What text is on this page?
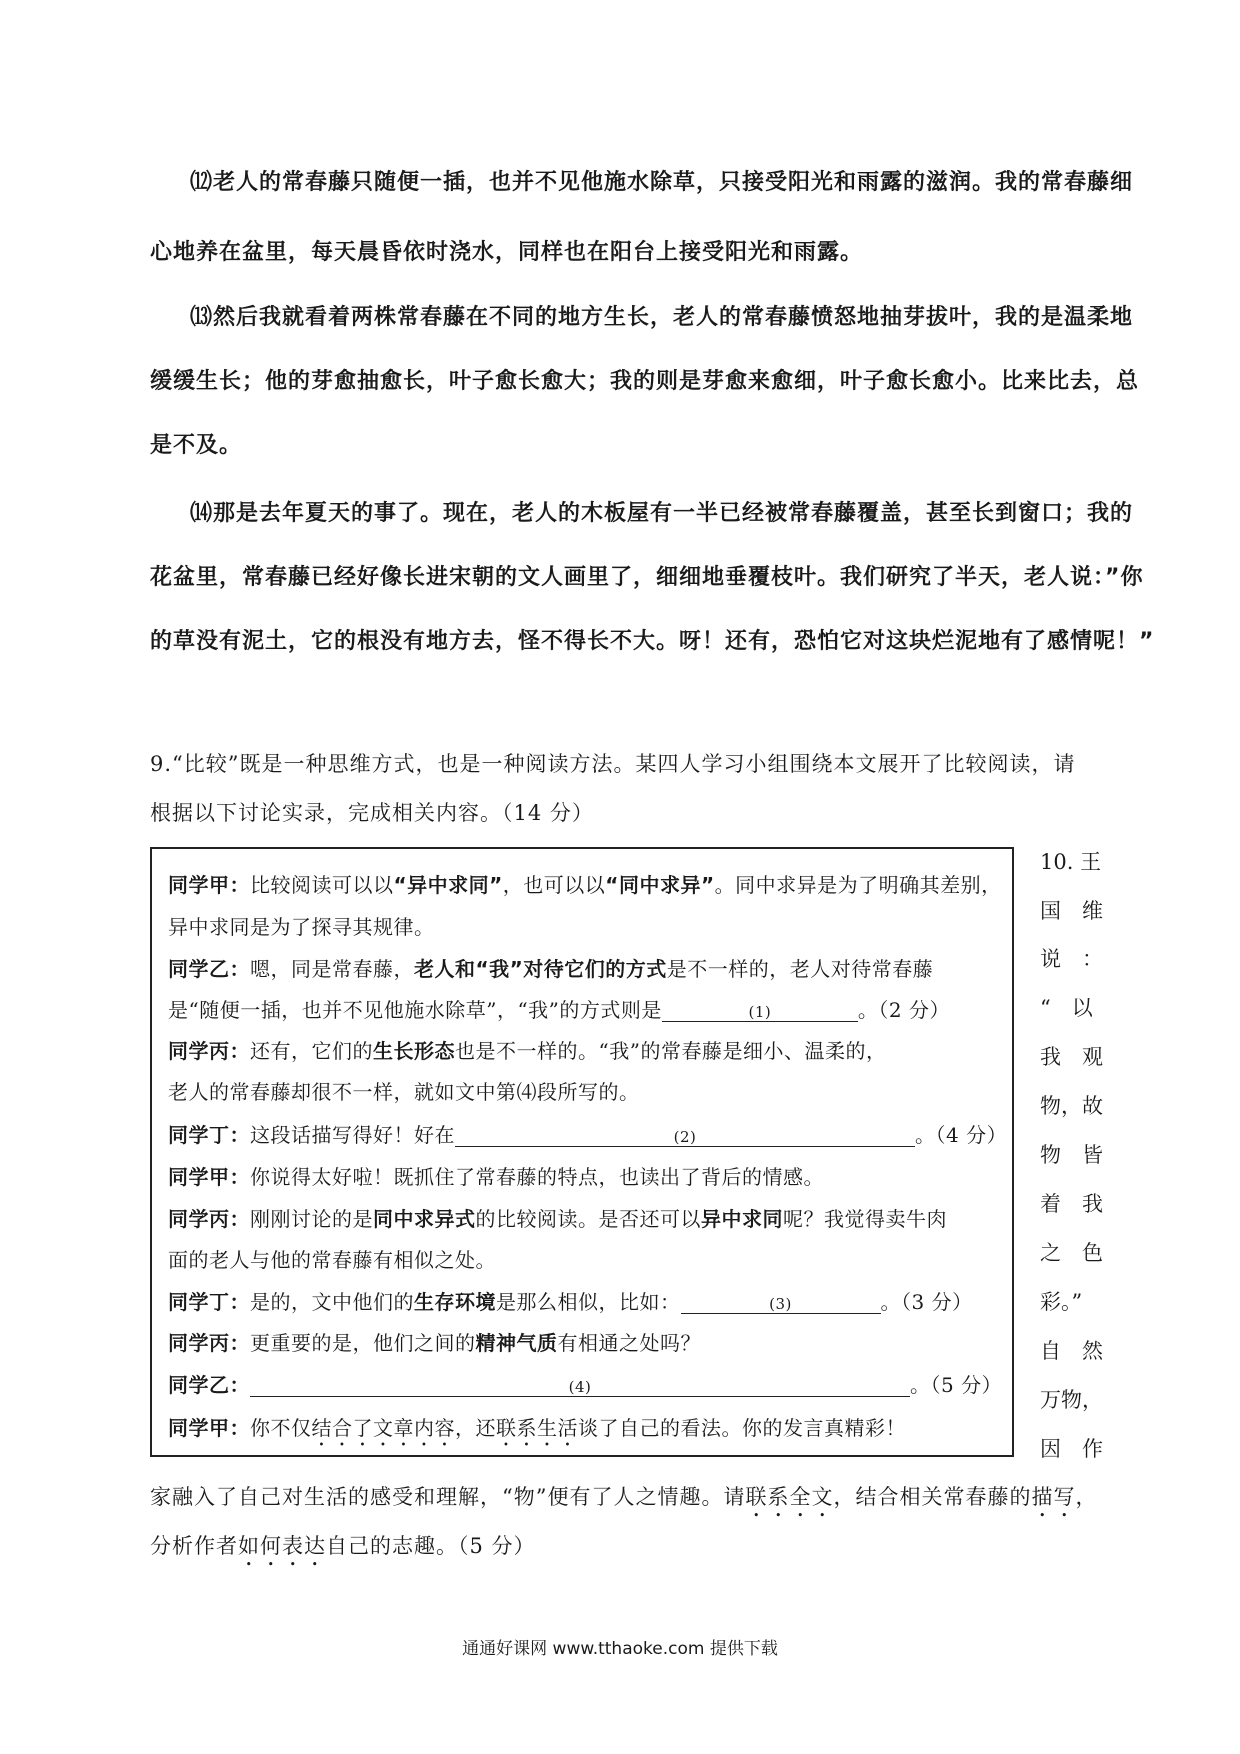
⑿老人的常春藤只随便一插，也并不见他施水除草，只接受阳光和雨露的滋润。我的常春藤细
心地养在盆里，每天晨昏依时浇水，同样也在阳台上接受阳光和雨露。
⒀然后我就看着两株常春藤在不同的地方生长，老人的常春藤愤怒地抽芽拔叶，我的是温柔地
缓缓生长；他的芽愈抽愈长，叶子愈长愈大；我的则是芽愈来愈细，叶子愈长愈小。比来比去，总
是不及。
⒁那是去年夏天的事了。现在，老人的木板屋有一半已经被常春藤覆盖，甚至长到窗口；我的
花盆里，常春藤已经好像长进宋朝的文人画里了，细细地垂覆枝叶。我们研究了半天，老人说：”你
的草没有泥土，它的根没有地方去，怪不得长不大。呀！还有，恐怕它对这块烂泥地有了感情呢！”
9.“比较”既是一种思维方式，也是一种阅读方法。某四人学习小组围绕本文展开了比较阅读，请
根据以下讨论实录，完成相关内容。（14 分）
同学甲：比较阅读可以以“异中求同”，也可以以“同中求异”。同中求异是为了明确其差别，
异中求同是为了探寻其规律。
同学乙：嗯，同是常春藤，老人和“我”对待它们的方式是不一样的，老人对待常春藤
是“随便一插，也并不见他施水除草”，“我”的方式则是	(1)	。（2 分）
同学丙：还有，它们的生长形态也是不一样的。“我”的常春藤是细小、温柔的，
老人的常春藤却很不一样，就如文中第⑷段所写的。
同学丁：这段话描写得好！好在	(2)	。（4 分）
同学甲：你说得太好啦！既抓住了常春藤的特点，也读出了背后的情感。
同学丙：刚刚讨论的是同中求异式的比较阅读。是否还可以异中求同呢？我觉得卖牛肉
面的老人与他的常春藤有相似之处。
同学丁：是的，文中他们的生存环境是那么相似，比如：	(3)	。（3 分）
同学丙：更重要的是，他们之间的精神气质有相通之处吗？
同学乙：	(4)	。（5 分）
同学甲：你不仅结合了文章内容，还联系生活谈了自己的看法。你的发言真精彩！
10. 王
国　维
说　：
“　以
我　观
物，故
物　皆
着　我
之　色
彩。”
自　然
万物，
因　作
家融入了自己对生活的感受和理解，“物”便有了人之情趣。请联系全文，结合相关常春藤的描写，
分析作者如何表达自己的志趣。（5 分）
通通好课网 www.tthaoke.com 提供下载
